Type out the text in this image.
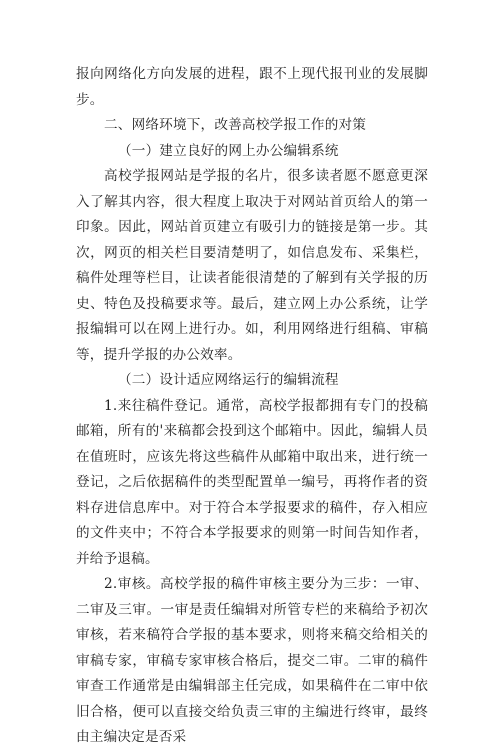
报向网络化方向发展的进程，跟不上现代报刊业的发展脚步。

二、网络环境下，改善高校学报工作的对策

（一）建立良好的网上办公编辑系统

高校学报网站是学报的名片，很多读者愿不愿意更深入了解其内容，很大程度上取决于对网站首页给人的第一印象。因此，网站首页建立有吸引力的链接是第一步。其次，网页的相关栏目要清楚明了，如信息发布、采集栏，稿件处理等栏目，让读者能很清楚的了解到有关学报的历史、特色及投稿要求等。最后，建立网上办公系统，让学报编辑可以在网上进行办。如，利用网络进行组稿、审稿等，提升学报的办公效率。

（二）设计适应网络运行的编辑流程

1.来往稿件登记。通常，高校学报都拥有专门的投稿邮箱，所有的'来稿都会投到这个邮箱中。因此，编辑人员在值班时，应该先将这些稿件从邮箱中取出来，进行统一登记，之后依据稿件的类型配置单一编号，再将作者的资料存进信息库中。对于符合本学报要求的稿件，存入相应的文件夹中；不符合本学报要求的则第一时间告知作者，并给予退稿。

2.审核。高校学报的稿件审核主要分为三步：一审、二审及三审。一审是责任编辑对所管专栏的来稿给予初次审核，若来稿符合学报的基本要求，则将来稿交给相关的审稿专家，审稿专家审核合格后，提交二审。二审的稿件审查工作通常是由编辑部主任完成，如果稿件在二审中依旧合格，便可以直接交给负责三审的主编进行终审，最终由主编决定是否采
